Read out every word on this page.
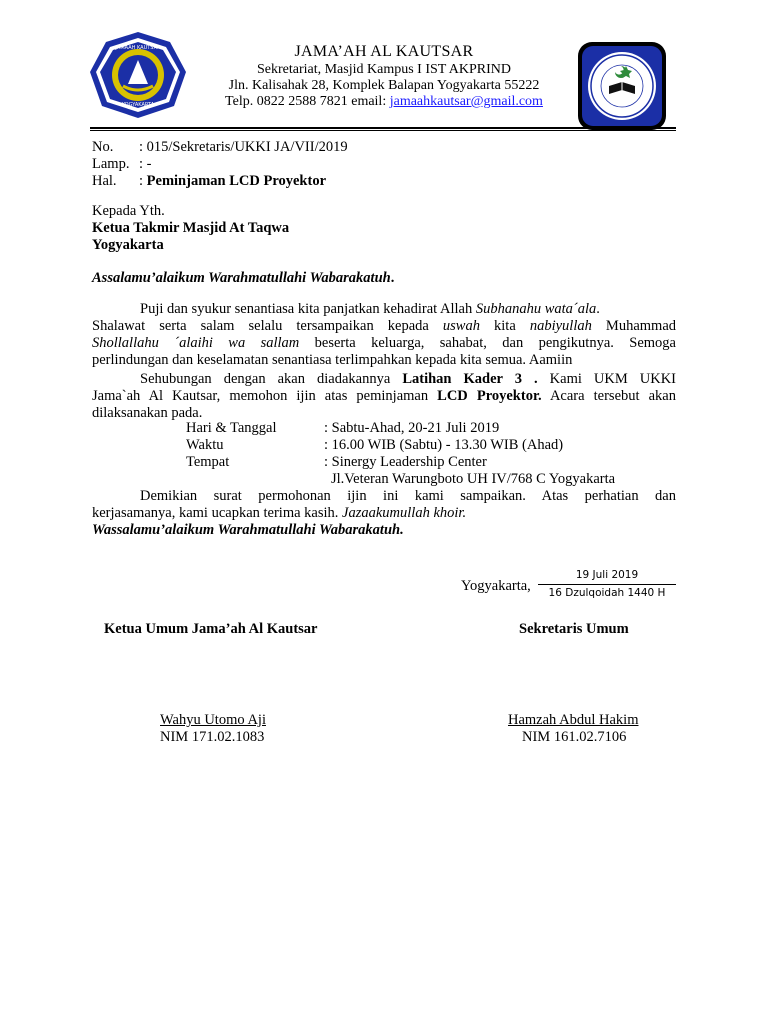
JAMAAH KAUTSAR
YOGYAKARTA
JAMA’AH AL KAUTSAR
Sekretariat, Masjid Kampus I IST AKPRIND
Jln. Kalisahak 28, Komplek Balapan Yogyakarta 55222
Telp. 0822 2588 7821 email: jamaahkautsar@gmail.com
No. : 015/Sekretaris/UKKI JA/VII/2019
Lamp. : -
Hal. : Peminjaman LCD Proyektor
Kepada Yth.
Ketua Takmir Masjid At Taqwa
Yogyakarta
Assalamu’alaikum Warahmatullahi Wabarakatuh.
Puji dan syukur senantiasa kita panjatkan kehadirat Allah Subhanahu wata´ala.
Shalawat serta salam selalu tersampaikan kepada uswah kita nabiyullah Muhammad
Shollallahu ´alaihi wa sallam beserta keluarga, sahabat, dan pengikutnya. Semoga
perlindungan dan keselamatan senantiasa terlimpahkan kepada kita semua. Aamiin
Sehubungan dengan akan diadakannya Latihan Kader 3 . Kami UKM UKKI
Jama`ah Al Kautsar, memohon ijin atas peminjaman LCD Proyektor. Acara tersebut akan
dilaksanakan pada.
Hari & Tanggal	: Sabtu-Ahad, 20-21 Juli 2019
Waktu	: 16.00 WIB (Sabtu) - 13.30 WIB (Ahad)
Tempat	: Sinergy Leadership Center
Jl.Veteran Warungboto UH IV/768 C Yogyakarta
Demikian surat permohonan ijin ini kami sampaikan. Atas perhatian dan
kerjasamanya, kami ucapkan terima kasih. Jazaakumullah khoir.
Wassalamu’alaikum Warahmatullahi Wabarakatuh.
Yogyakarta,
19 Juli 2019
16 Dzulqoidah 1440 H
Ketua Umum Jama’ah Al Kautsar	Sekretaris Umum
Wahyu Utomo Aji
NIM 171.02.1083
Hamzah Abdul Hakim
NIM 161.02.7106
